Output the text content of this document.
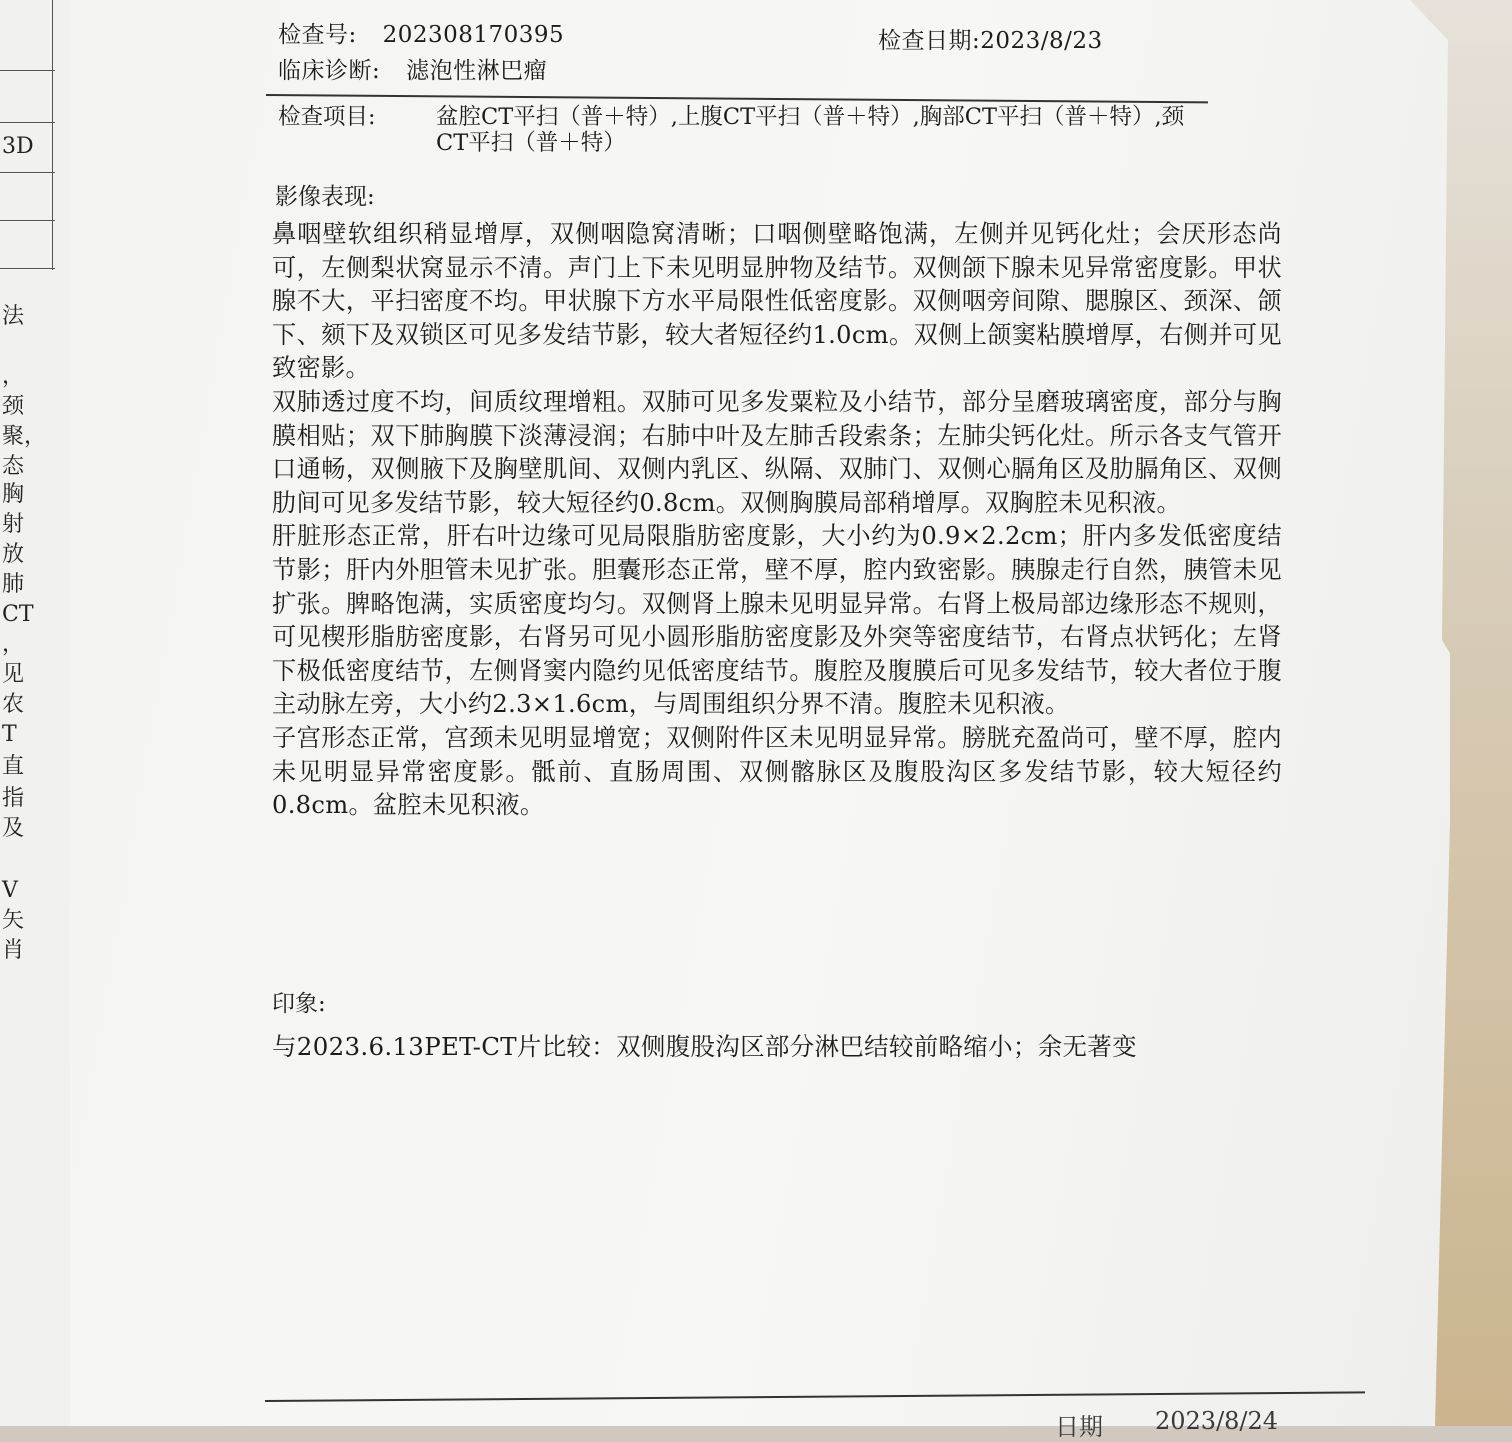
3D
法
，
颈
聚，
态
胸
射
放
肺
CT
，
见
农
T
直
指
及
V
矢
肖
检查号: 202308170395	检查日期:2023/8/23
临床诊断: 滤泡性淋巴瘤
检查项目:	盆腔CT平扫（普＋特）,上腹CT平扫（普＋特）,胸部CT平扫（普＋特）,颈CT平扫（普＋特）
影像表现:

鼻咽壁软组织稍显增厚，双侧咽隐窝清晰；口咽侧壁略饱满，左侧并见钙化灶；会厌形态尚可，左侧梨状窝显示不清。声门上下未见明显肿物及结节。双侧颌下腺未见异常密度影。甲状腺不大，平扫密度不均。甲状腺下方水平局限性低密度影。双侧咽旁间隙、腮腺区、颈深、颌下、颏下及双锁区可见多发结节影，较大者短径约1.0cm。双侧上颌窦粘膜增厚，右侧并可见致密影。

双肺透过度不均，间质纹理增粗。双肺可见多发粟粒及小结节，部分呈磨玻璃密度，部分与胸膜相贴；双下肺胸膜下淡薄浸润；右肺中叶及左肺舌段索条；左肺尖钙化灶。所示各支气管开口通畅，双侧腋下及胸壁肌间、双侧内乳区、纵隔、双肺门、双侧心膈角区及肋膈角区、双侧肋间可见多发结节影，较大短径约0.8cm。双侧胸膜局部稍增厚。双胸腔未见积液。

肝脏形态正常，肝右叶边缘可见局限脂肪密度影，大小约为0.9×2.2cm；肝内多发低密度结节影；肝内外胆管未见扩张。胆囊形态正常，壁不厚，腔内致密影。胰腺走行自然，胰管未见扩张。脾略饱满，实质密度均匀。双侧肾上腺未见明显异常。右肾上极局部边缘形态不规则，可见楔形脂肪密度影，右肾另可见小圆形脂肪密度影及外突等密度结节，右肾点状钙化；左肾下极低密度结节，左侧肾窦内隐约见低密度结节。腹腔及腹膜后可见多发结节，较大者位于腹主动脉左旁，大小约2.3×1.6cm，与周围组织分界不清。腹腔未见积液。

子宫形态正常，宫颈未见明显增宽；双侧附件区未见明显异常。膀胱充盈尚可，壁不厚，腔内未见明显异常密度影。骶前、直肠周围、双侧髂脉区及腹股沟区多发结节影，较大短径约0.8cm。盆腔未见积液。

印象:
与2023.6.13PET-CT片比较：双侧腹股沟区部分淋巴结较前略缩小；余无著变
日期 2023/8/24
